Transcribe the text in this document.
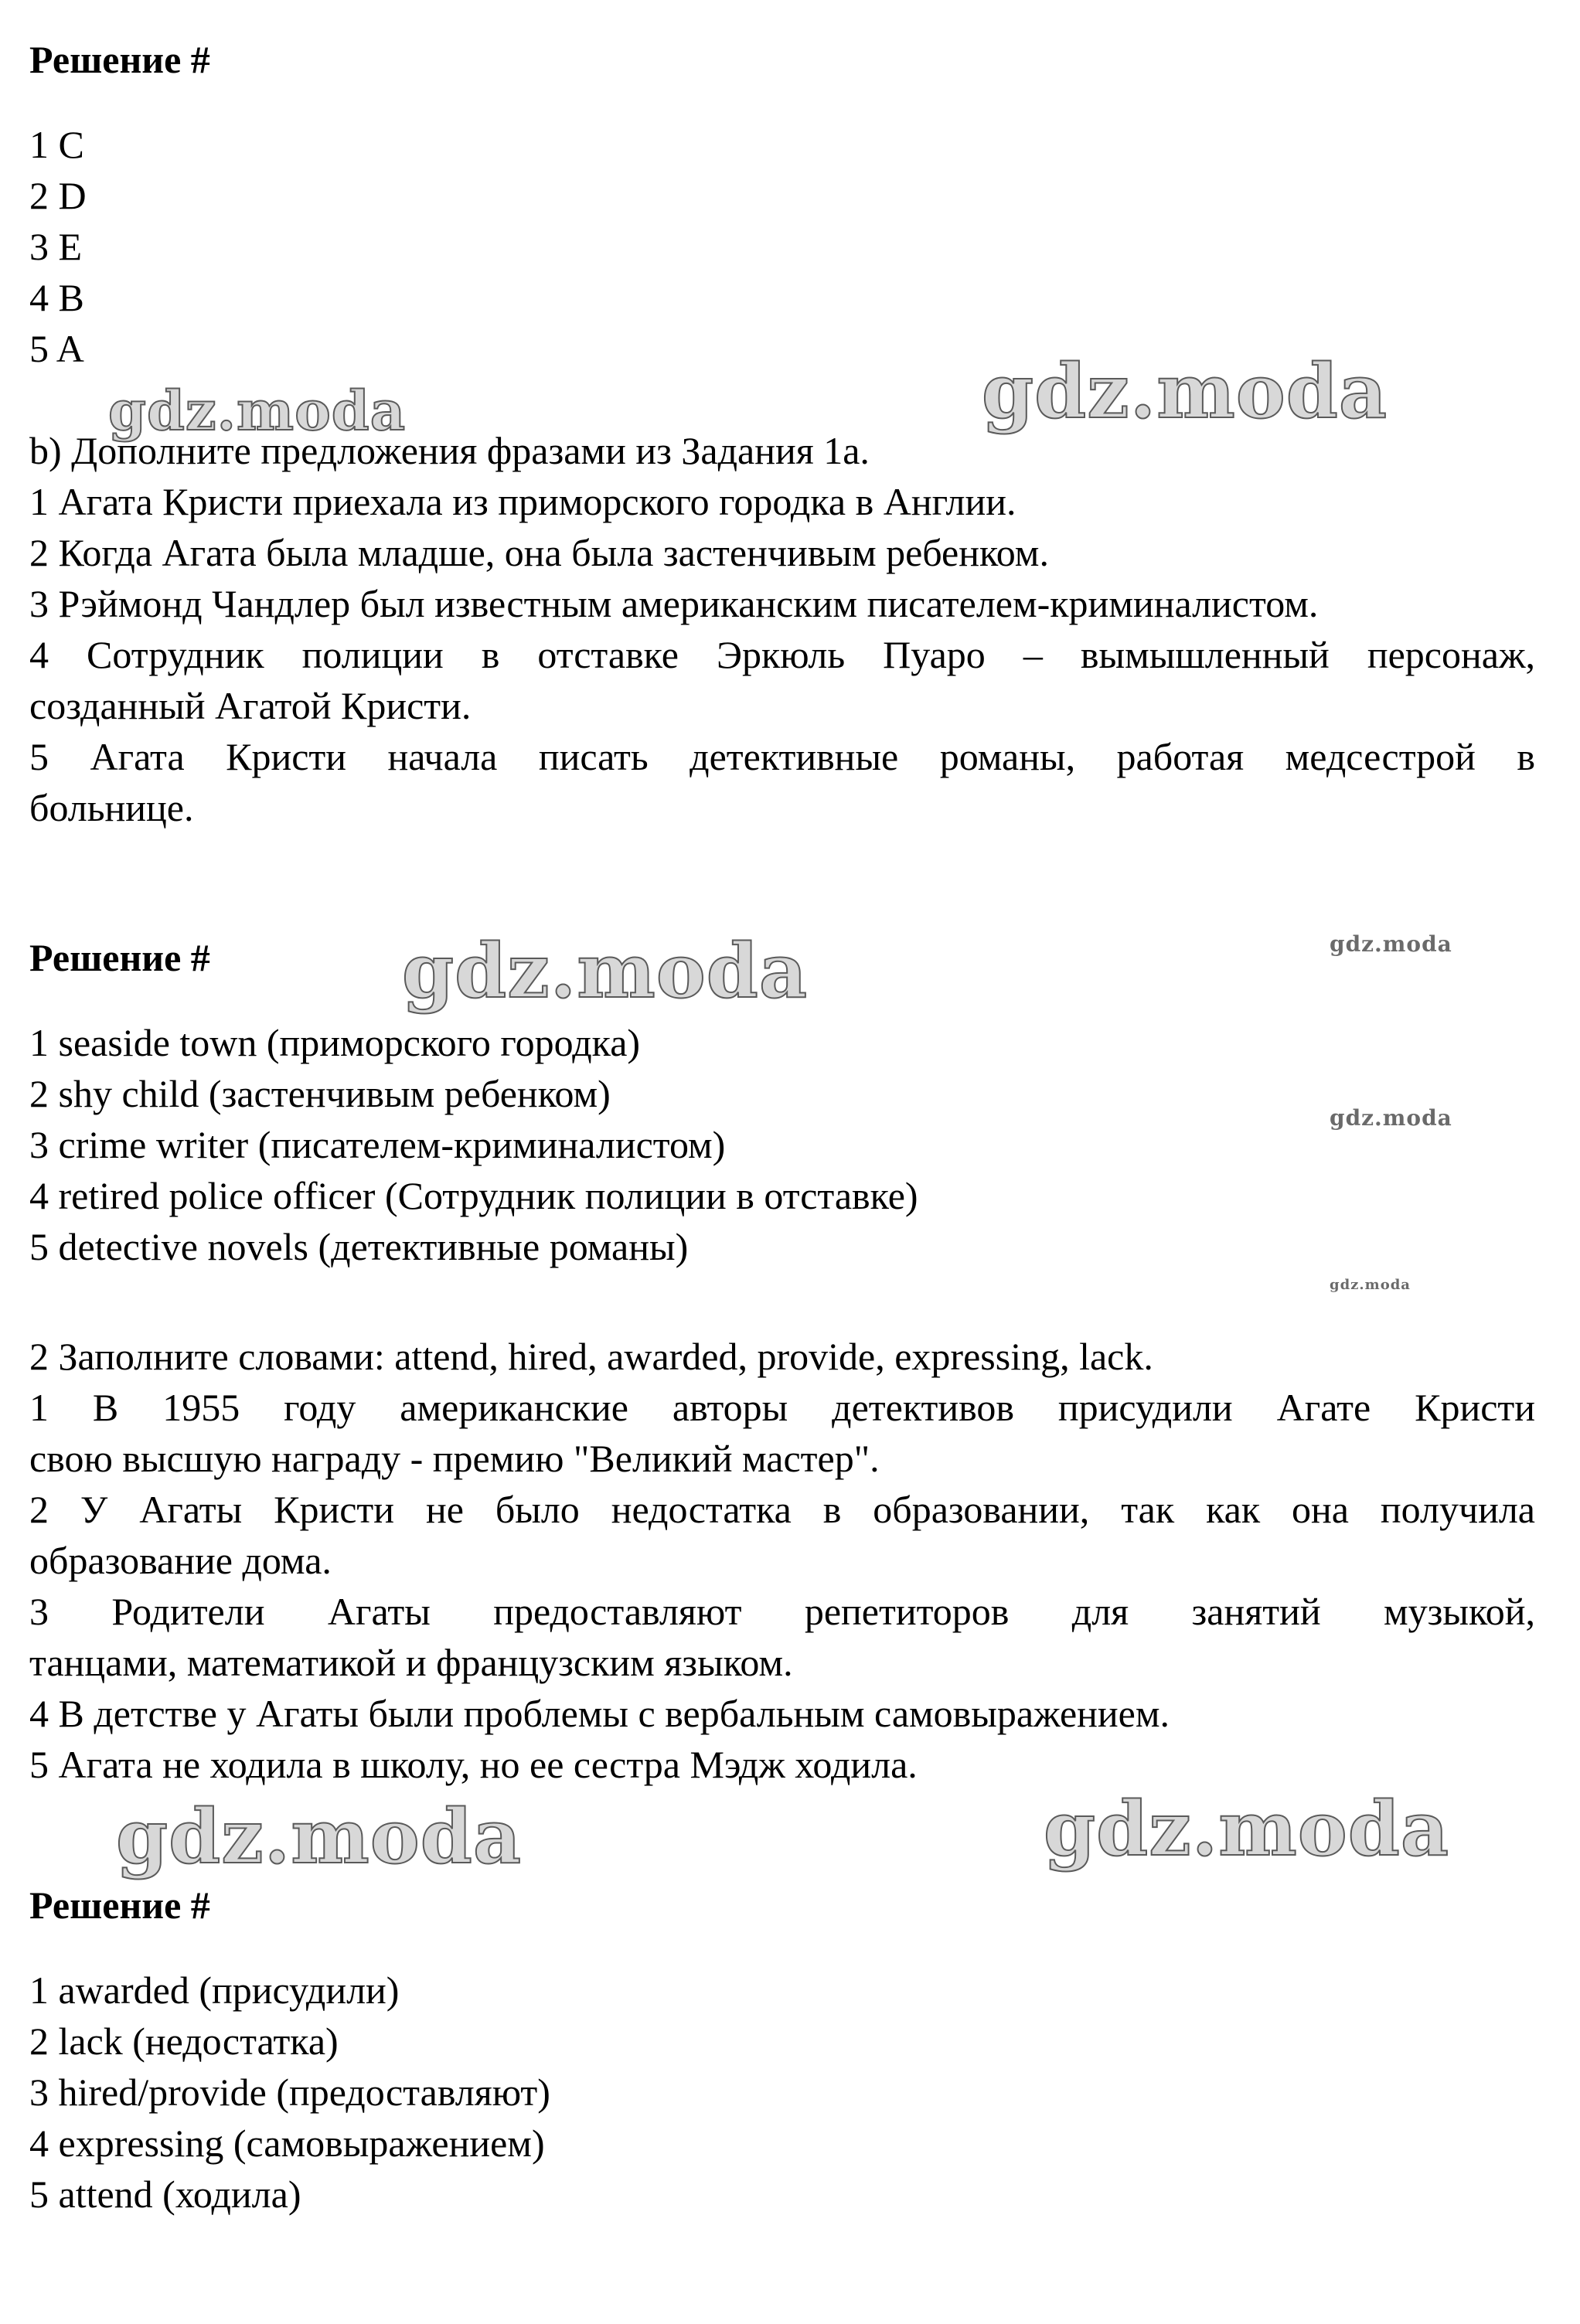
Решение #
1 C
2 D
3 E
4 B
5 A
b) Дополните предложения фразами из Задания 1a.
1 Агата Кристи приехала из приморского городка в Англии.
2 Когда Агата была младше, она была застенчивым ребенком.
3 Рэймонд Чандлер был известным американским писателем-криминалистом.
4 Сотрудник полиции в отставке Эркюль Пуаро – вымышленный персонаж,
созданный Агатой Кристи.
5 Агата Кристи начала писать детективные романы, работая медсестрой в
больнице.
Решение #
1 seaside town (приморского городка)
2 shy child (застенчивым ребенком)
3 crime writer (писателем-криминалистом)
4 retired police officer (Сотрудник полиции в отставке)
5 detective novels (детективные романы)
2 Заполните словами: attend, hired, awarded, provide, expressing, lack.
1 В 1955 году американские авторы детективов присудили Агате Кристи
свою высшую награду - премию "Великий мастер".
2 У Агаты Кристи не было недостатка в образовании, так как она получила
образование дома.
3 Родители Агаты предоставляют репетиторов для занятий музыкой,
танцами, математикой и французским языком.
4 В детстве у Агаты были проблемы с вербальным самовыражением.
5 Агата не ходила в школу, но ее сестра Мэдж ходила.
Решение #
1 awarded (присудили)
2 lack (недостатка)
3 hired/provide (предоставляют)
4 expressing (самовыражением)
5 attend (ходила)
gdz.moda	gdz.moda
gdz.moda	gdz.moda
gdz.moda
gdz.moda
gdz.moda	gdz.moda
